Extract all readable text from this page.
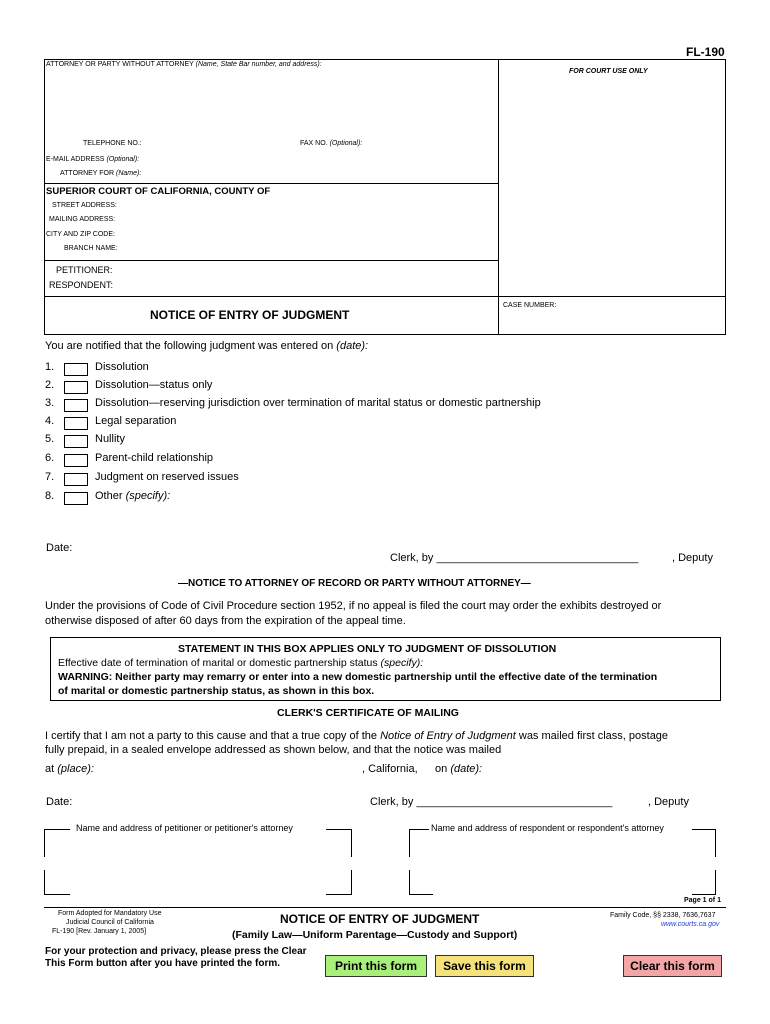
FL-190
ATTORNEY OR PARTY WITHOUT ATTORNEY (Name, State Bar number, and address):
FOR COURT USE ONLY
TELEPHONE NO.:	FAX NO. (Optional):
E-MAIL ADDRESS (Optional):
ATTORNEY FOR (Name):
SUPERIOR COURT OF CALIFORNIA, COUNTY OF
STREET ADDRESS:
MAILING ADDRESS:
CITY AND ZIP CODE:
BRANCH NAME:
PETITIONER:
RESPONDENT:
NOTICE OF ENTRY OF JUDGMENT
CASE NUMBER:
You are notified that the following judgment was entered on (date):
1.	Dissolution
2.	Dissolution—status only
3.	Dissolution—reserving jurisdiction over termination of marital status or domestic partnership
4.	Legal separation
5.	Nullity
6.	Parent-child relationship
7.	Judgment on reserved issues
8.	Other (specify):
Date:
Clerk, by _________________________________	, Deputy
—NOTICE TO ATTORNEY OF RECORD OR PARTY WITHOUT ATTORNEY—
Under the provisions of Code of Civil Procedure section 1952, if no appeal is filed the court may order the exhibits destroyed or
otherwise disposed of after 60 days from the expiration of the appeal time.
STATEMENT IN THIS BOX APPLIES ONLY TO JUDGMENT OF DISSOLUTION
Effective date of termination of marital or domestic partnership status (specify):
WARNING: Neither party may remarry or enter into a new domestic partnership until the effective date of the termination
of marital or domestic partnership status, as shown in this box.
CLERK'S CERTIFICATE OF MAILING
I certify that I am not a party to this cause and that a true copy of the Notice of Entry of Judgment was mailed first class, postage
fully prepaid, in a sealed envelope addressed as shown below, and that the notice was mailed
at (place):	, California, on (date):
Date:	Clerk, by ________________________________	, Deputy
Name and address of petitioner or petitioner's attorney	Name and address of respondent or respondent's attorney
Page 1 of 1
Form Adopted for Mandatory Use
Judicial Council of California
FL-190 [Rev. January 1, 2005]
NOTICE OF ENTRY OF JUDGMENT
(Family Law—Uniform Parentage—Custody and Support)
Family Code, §§ 2338, 7636,7637
www.courts.ca.gov
For your protection and privacy, please press the Clear
This Form button after you have printed the form.	Print this form	Save this form	Clear this form
